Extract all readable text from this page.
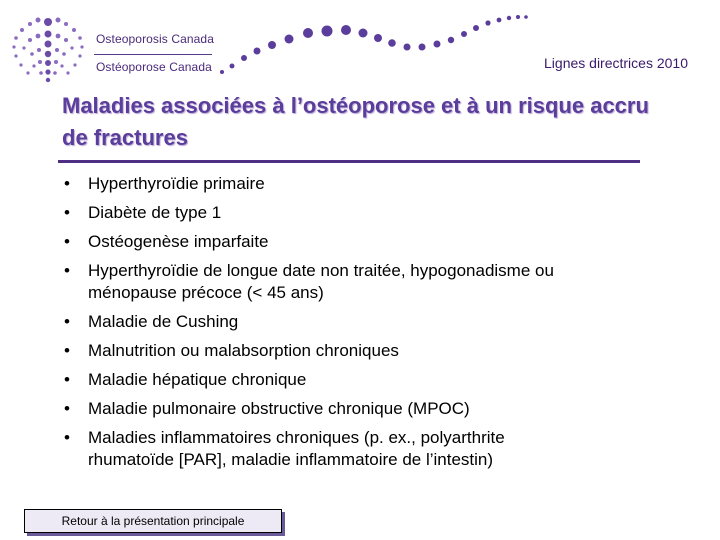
Osteoporosis Canada
Ostéoporose Canada	Lignes directrices 2010
Maladies associées à l’ostéoporose et à un risque accru de fractures
• Hyperthyroïdie primaire
• Diabète de type 1
• Ostéogenèse imparfaite
• Hyperthyroïdie de longue date non traitée, hypogonadisme ou
ménopause précoce (< 45 ans)
• Maladie de Cushing
• Malnutrition ou malabsorption chroniques
• Maladie hépatique chronique
• Maladie pulmonaire obstructive chronique (MPOC)
• Maladies inflammatoires chroniques (p. ex., polyarthrite
rhumatoïde [PAR], maladie inflammatoire de l’intestin)
Retour à la présentation principale
